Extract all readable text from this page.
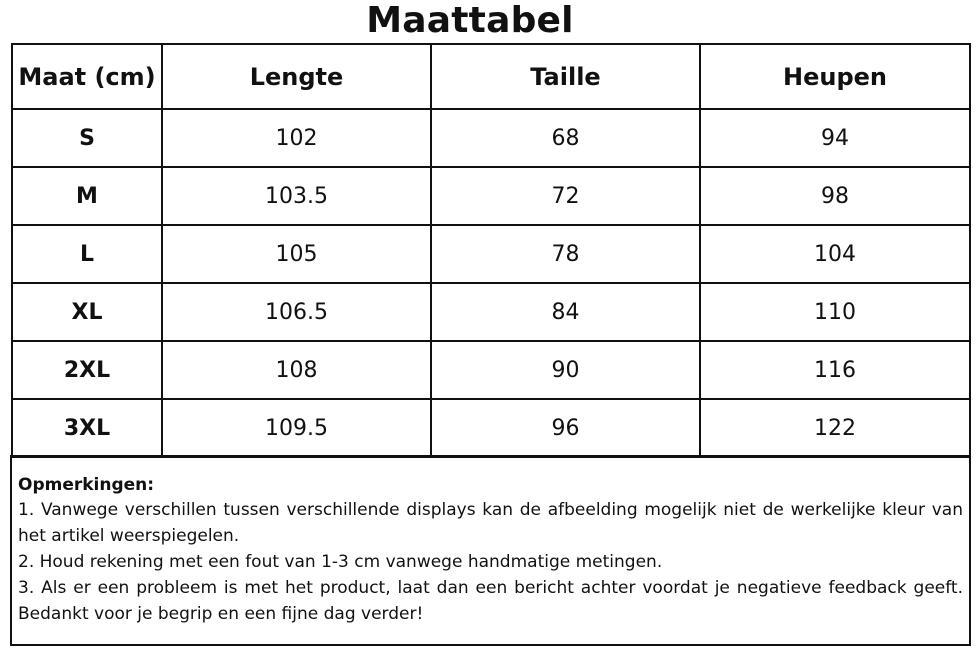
Maattabel
Maat (cm)	Lengte	Taille	Heupen
S	102	68	94
M	103.5	72	98
L	105	78	104
XL	106.5	84	110
2XL	108	90	116
3XL	109.5	96	122
Opmerkingen:
1. Vanwege verschillen tussen verschillende displays kan de afbeelding mogelijk niet de werkelijke kleur van het artikel weerspiegelen.
2. Houd rekening met een fout van 1-3 cm vanwege handmatige metingen.
3. Als er een probleem is met het product, laat dan een bericht achter voordat je negatieve feedback geeft. Bedankt voor je begrip en een fijne dag verder!
